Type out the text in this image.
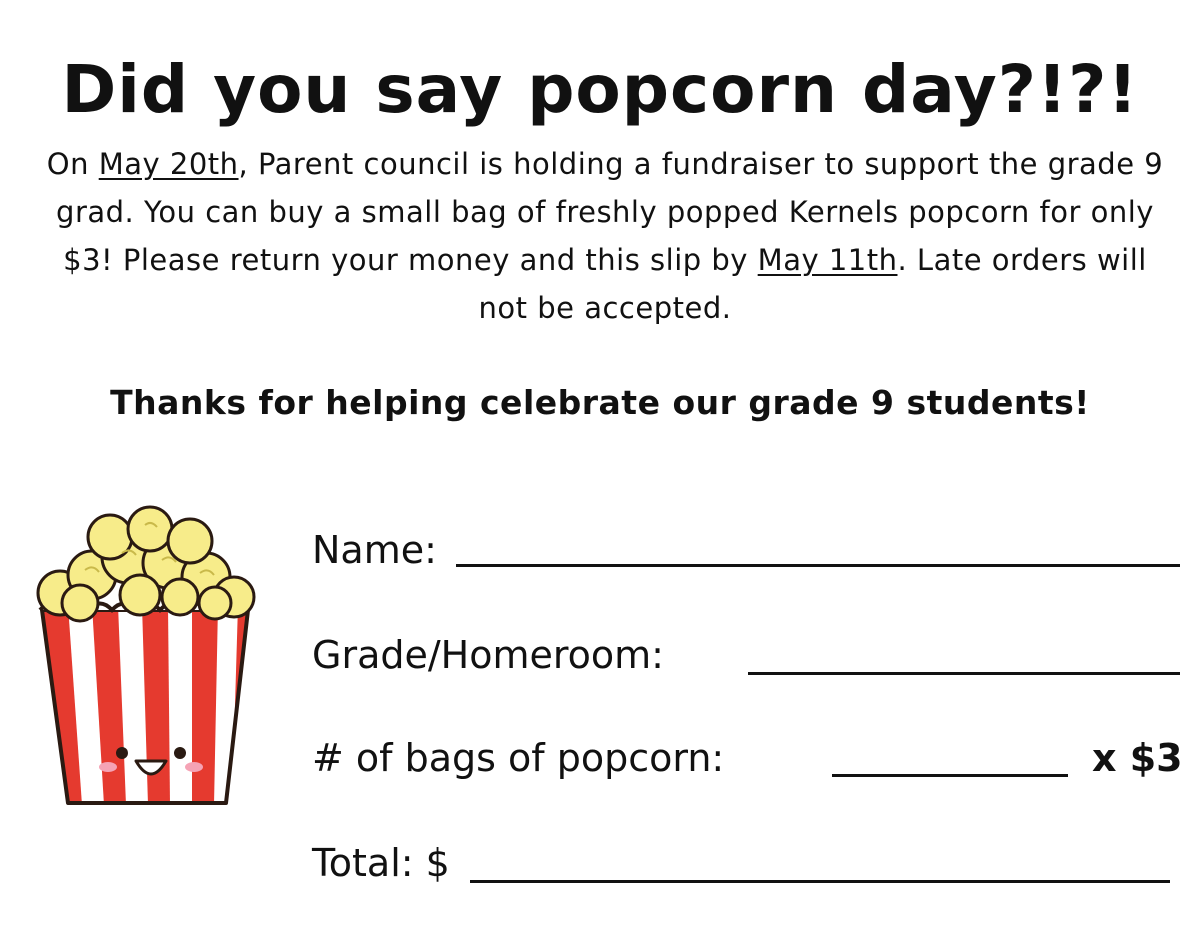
Did you say popcorn day?!?!

On May 20th, Parent council is holding a fundraiser to support the grade 9 grad. You can buy a small bag of freshly popped Kernels popcorn for only $3! Please return your money and this slip by May 11th. Late orders will not be accepted.

Thanks for helping celebrate our grade 9 students!

Name:
Grade/Homeroom:
# of bags of popcorn:	x $3
Total: $
